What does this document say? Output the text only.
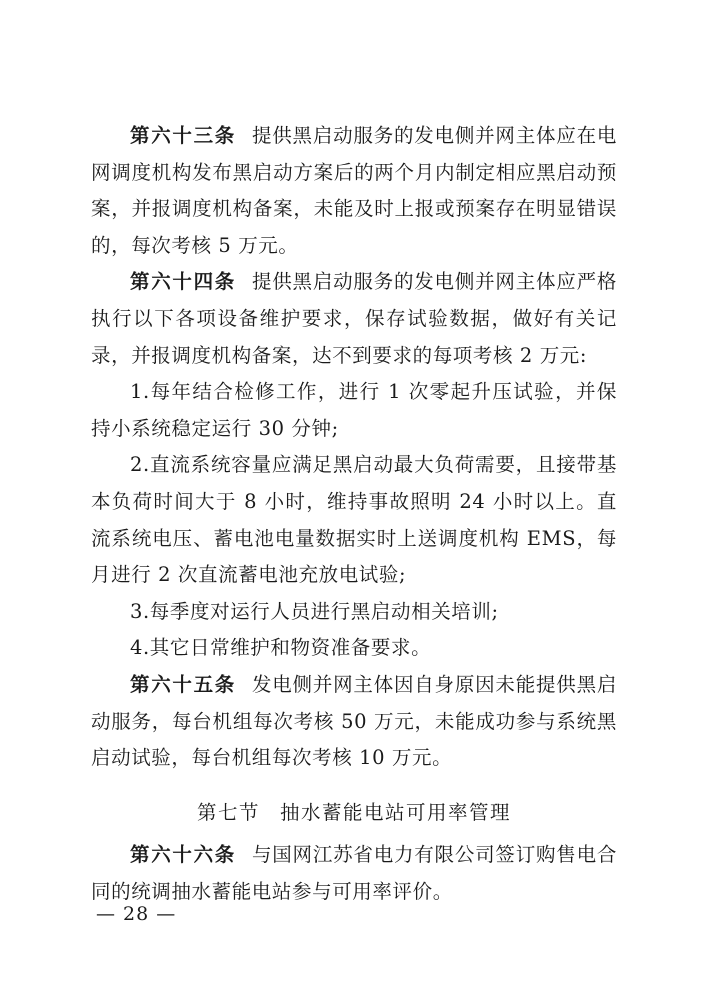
第六十三条 提供黑启动服务的发电侧并网主体应在电网调度机构发布黑启动方案后的两个月内制定相应黑启动预案，并报调度机构备案，未能及时上报或预案存在明显错误的，每次考核 5 万元。

第六十四条 提供黑启动服务的发电侧并网主体应严格执行以下各项设备维护要求，保存试验数据，做好有关记录，并报调度机构备案，达不到要求的每项考核 2 万元:

1.每年结合检修工作，进行 1 次零起升压试验，并保持小系统稳定运行 30 分钟;

2.直流系统容量应满足黑启动最大负荷需要，且接带基本负荷时间大于 8 小时，维持事故照明 24 小时以上。直流系统电压、蓄电池电量数据实时上送调度机构 EMS，每月进行 2 次直流蓄电池充放电试验;

3.每季度对运行人员进行黑启动相关培训;

4.其它日常维护和物资准备要求。

第六十五条 发电侧并网主体因自身原因未能提供黑启动服务，每台机组每次考核 50 万元，未能成功参与系统黑启动试验，每台机组每次考核 10 万元。

第七节 抽水蓄能电站可用率管理

第六十六条 与国网江苏省电力有限公司签订购售电合同的统调抽水蓄能电站参与可用率评价。

— 28 —
